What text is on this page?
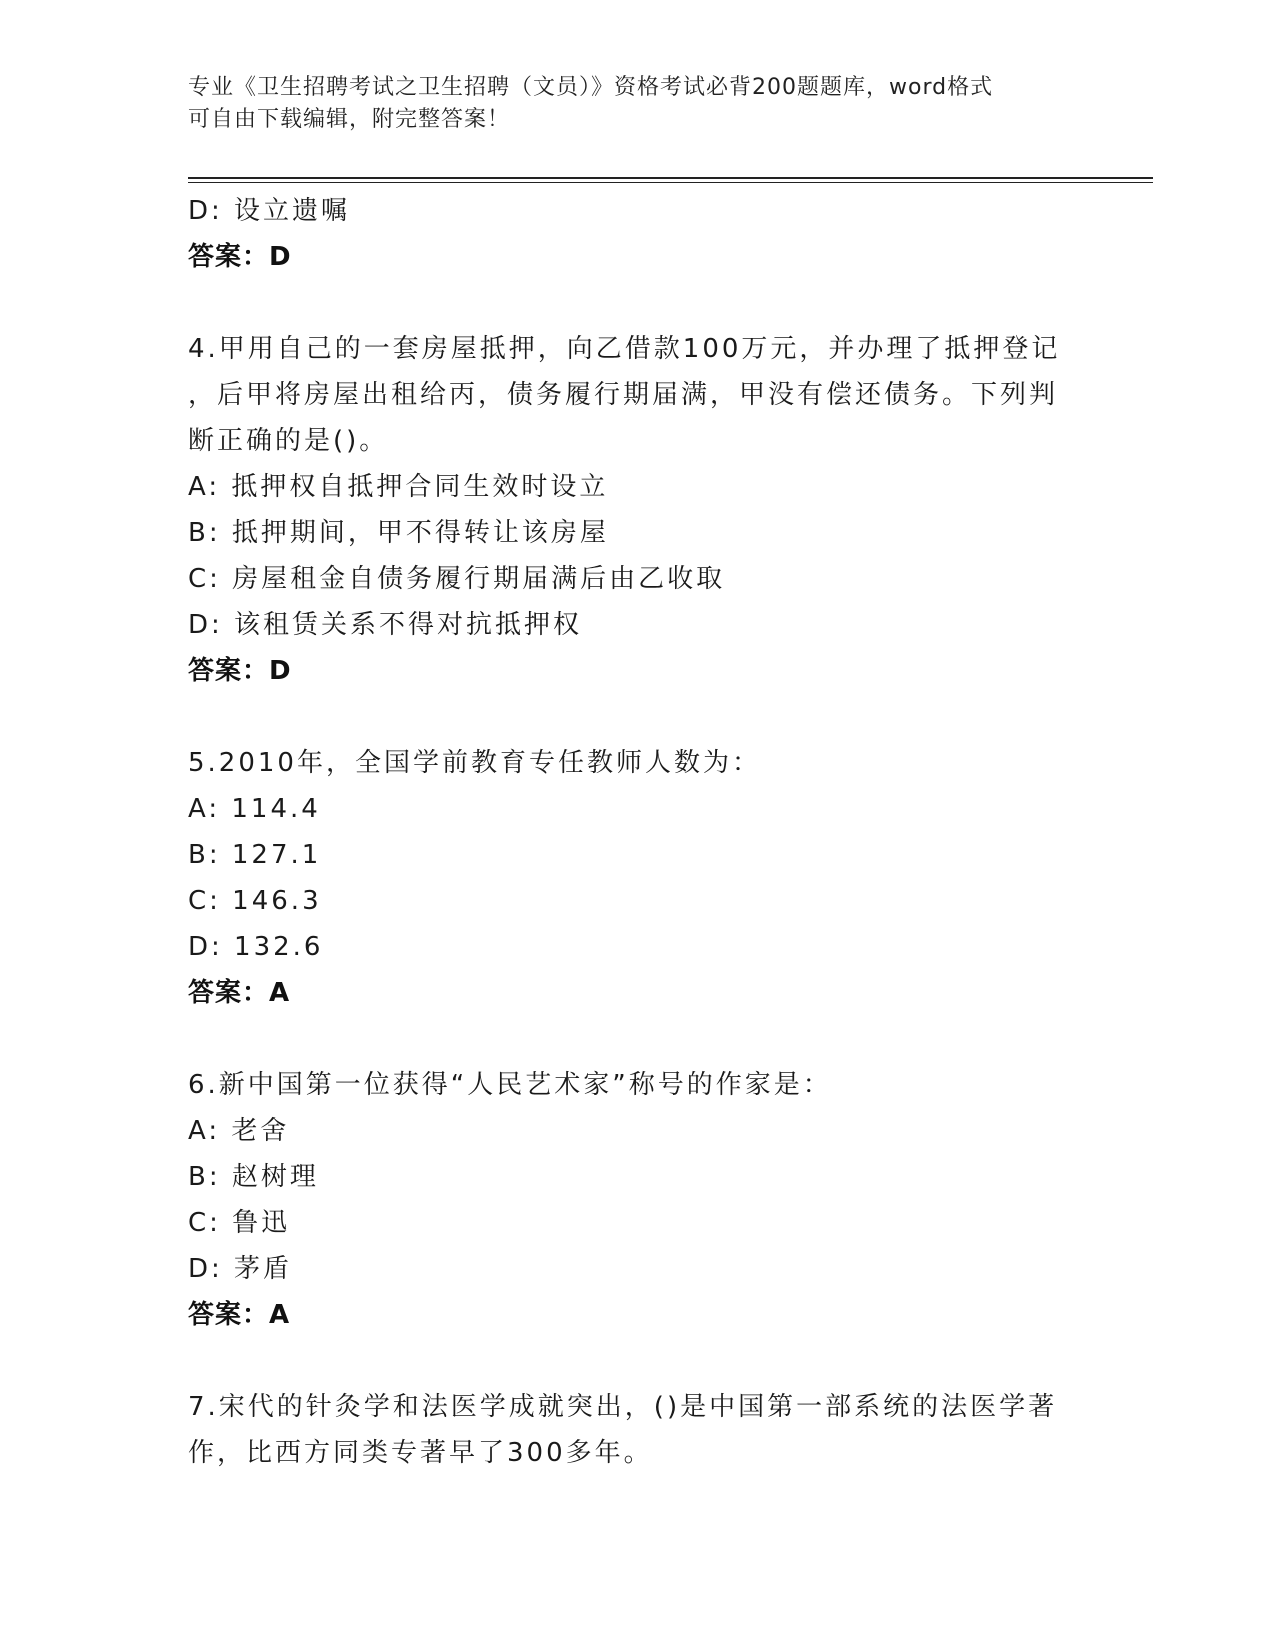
专业《卫生招聘考试之卫生招聘（文员）》资格考试必背200题题库，word格式
可自由下载编辑，附完整答案！
D: 设立遗嘱
答案：D
4.甲用自己的一套房屋抵押，向乙借款100万元，并办理了抵押登记
，后甲将房屋出租给丙，债务履行期届满，甲没有偿还债务。下列判
断正确的是()。
A: 抵押权自抵押合同生效时设立
B: 抵押期间，甲不得转让该房屋
C: 房屋租金自债务履行期届满后由乙收取
D: 该租赁关系不得对抗抵押权
答案：D
5.2010年，全国学前教育专任教师人数为：
A: 114.4
B: 127.1
C: 146.3
D: 132.6
答案：A
6.新中国第一位获得“人民艺术家”称号的作家是：
A: 老舍
B: 赵树理
C: 鲁迅
D: 茅盾
答案：A
7.宋代的针灸学和法医学成就突出，()是中国第一部系统的法医学著
作，比西方同类专著早了300多年。
